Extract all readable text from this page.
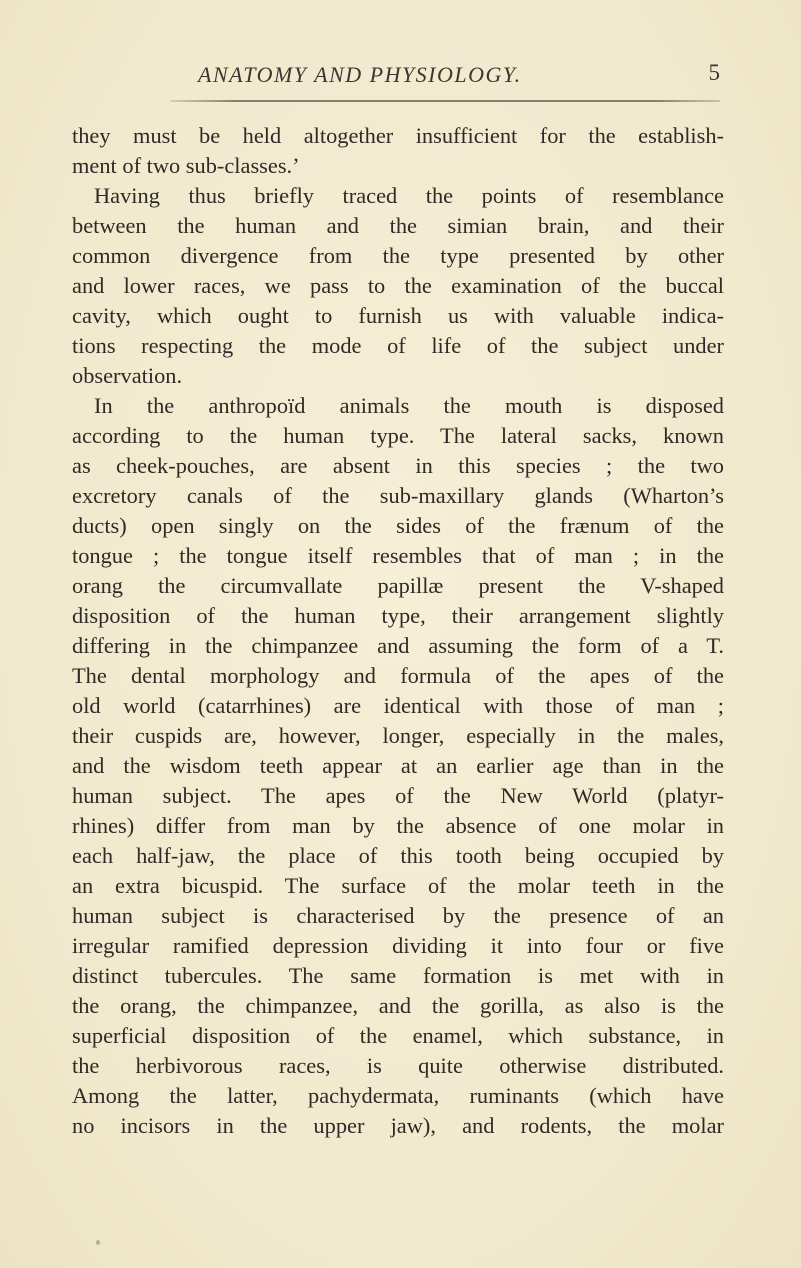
ANATOMY AND PHYSIOLOGY.	5
they must be held altogether insufficient for the establish-
ment of two sub-classes.’
Having thus briefly traced the points of resemblance
between the human and the simian brain, and their
common divergence from the type presented by other
and lower races, we pass to the examination of the buccal
cavity, which ought to furnish us with valuable indica-
tions respecting the mode of life of the subject under
observation.
In the anthropoïd animals the mouth is disposed
according to the human type. The lateral sacks, known
as cheek-pouches, are absent in this species ; the two
excretory canals of the sub-maxillary glands (Wharton’s
ducts) open singly on the sides of the frænum of the
tongue ; the tongue itself resembles that of man ; in the
orang the circumvallate papillæ present the V-shaped
disposition of the human type, their arrangement slightly
differing in the chimpanzee and assuming the form of a T.
The dental morphology and formula of the apes of the
old world (catarrhines) are identical with those of man ;
their cuspids are, however, longer, especially in the males,
and the wisdom teeth appear at an earlier age than in the
human subject. The apes of the New World (platyr-
rhines) differ from man by the absence of one molar in
each half-jaw, the place of this tooth being occupied by
an extra bicuspid. The surface of the molar teeth in the
human subject is characterised by the presence of an
irregular ramified depression dividing it into four or five
distinct tubercules. The same formation is met with in
the orang, the chimpanzee, and the gorilla, as also is the
superficial disposition of the enamel, which substance, in
the herbivorous races, is quite otherwise distributed.
Among the latter, pachydermata, ruminants (which have
no incisors in the upper jaw), and rodents, the molar
